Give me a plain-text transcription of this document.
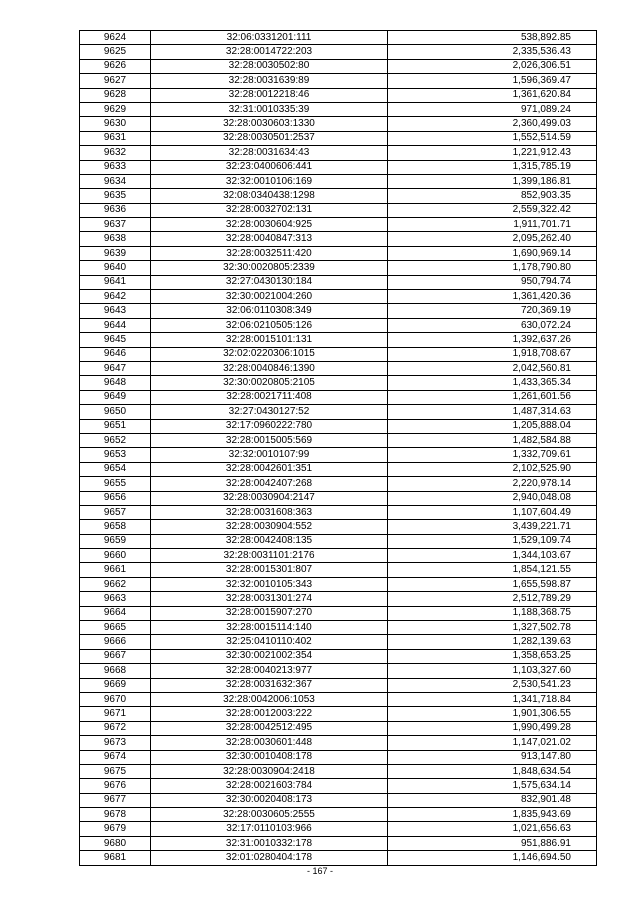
9624	32:06:0331201:111	538,892.85
9625	32:28:0014722:203	2,335,536.43
9626	32:28:0030502:80	2,026,306.51
9627	32:28:0031639:89	1,596,369.47
9628	32:28:0012218:46	1,361,620.84
9629	32:31:0010335:39	971,089.24
9630	32:28:0030603:1330	2,360,499.03
9631	32:28:0030501:2537	1,552,514.59
9632	32:28:0031634:43	1,221,912.43
9633	32:23:0400606:441	1,315,785.19
9634	32:32:0010106:169	1,399,186.81
9635	32:08:0340438:1298	852,903.35
9636	32:28:0032702:131	2,559,322.42
9637	32:28:0030604:925	1,911,701.71
9638	32:28:0040847:313	2,095,262.40
9639	32:28:0032511:420	1,690,969.14
9640	32:30:0020805:2339	1,178,790.80
9641	32:27:0430130:184	950,794.74
9642	32:30:0021004:260	1,361,420.36
9643	32:06:0110308:349	720,369.19
9644	32:06:0210505:126	630,072.24
9645	32:28:0015101:131	1,392,637.26
9646	32:02:0220306:1015	1,918,708.67
9647	32:28:0040846:1390	2,042,560.81
9648	32:30:0020805:2105	1,433,365.34
9649	32:28:0021711:408	1,261,601.56
9650	32:27:0430127:52	1,487,314.63
9651	32:17:0960222:780	1,205,888.04
9652	32:28:0015005:569	1,482,584.88
9653	32:32:0010107:99	1,332,709.61
9654	32:28:0042601:351	2,102,525.90
9655	32:28:0042407:268	2,220,978.14
9656	32:28:0030904:2147	2,940,048.08
9657	32:28:0031608:363	1,107,604.49
9658	32:28:0030904:552	3,439,221.71
9659	32:28:0042408:135	1,529,109.74
9660	32:28:0031101:2176	1,344,103.67
9661	32:28:0015301:807	1,854,121.55
9662	32:32:0010105:343	1,655,598.87
9663	32:28:0031301:274	2,512,789.29
9664	32:28:0015907:270	1,188,368.75
9665	32:28:0015114:140	1,327,502.78
9666	32:25:0410110:402	1,282,139.63
9667	32:30:0021002:354	1,358,653.25
9668	32:28:0040213:977	1,103,327.60
9669	32:28:0031632:367	2,530,541.23
9670	32:28:0042006:1053	1,341,718.84
9671	32:28:0012003:222	1,901,306.55
9672	32:28:0042512:495	1,990,499.28
9673	32:28:0030601:448	1,147,021.02
9674	32:30:0010408:178	913,147.80
9675	32:28:0030904:2418	1,848,634.54
9676	32:28:0021603:784	1,575,634.14
9677	32:30:0020408:173	832,901.48
9678	32:28:0030605:2555	1,835,943.69
9679	32:17:0110103:966	1,021,656.63
9680	32:31:0010332:178	951,886.91
9681	32:01:0280404:178	1,146,694.50
- 167 -
